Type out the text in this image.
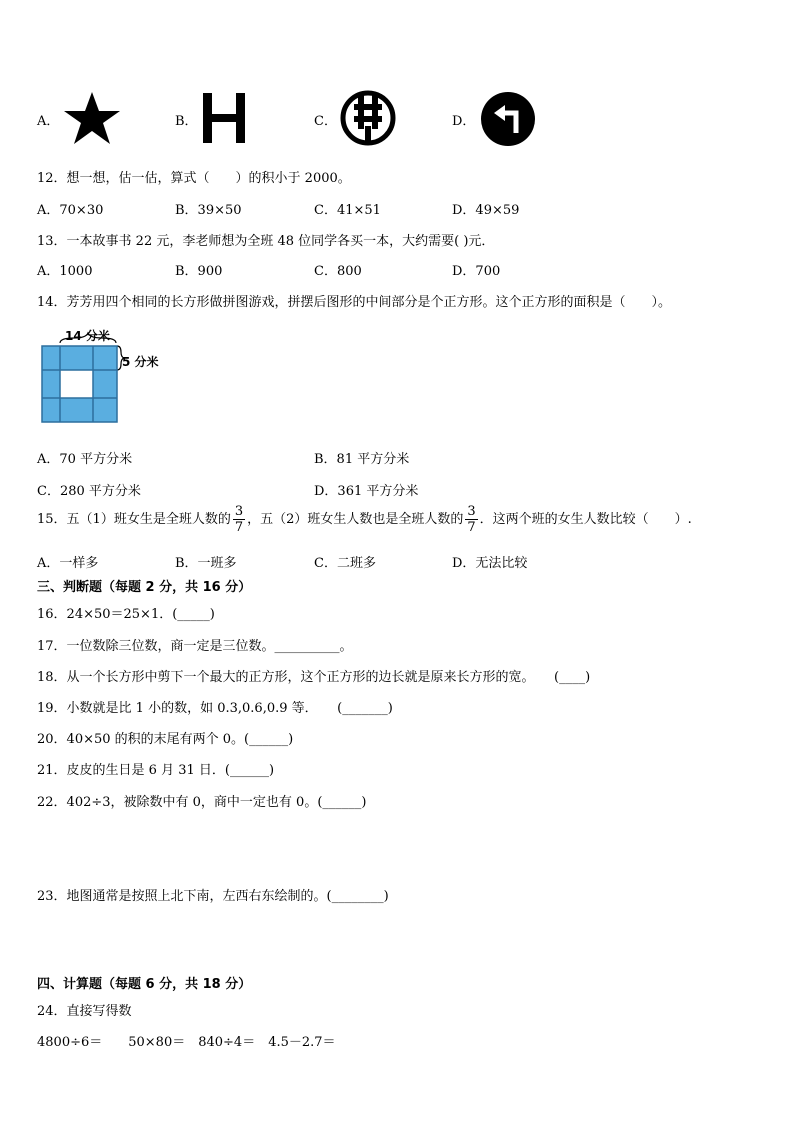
A．	B．	C．	D．
12．想一想，估一估，算式（　　）的积小于 2000。
A．70×30	B．39×50	C．41×51	D．49×59
13．一本故事书 22 元，李老师想为全班 48 位同学各买一本，大约需要( )元．
A．1000	B．900	C．800	D．700
14．芳芳用四个相同的长方形做拼图游戏，拼摆后图形的中间部分是个正方形。这个正方形的面积是（　　）。
14 分米
5 分米
A．70 平方分米	B．81 平方分米
C．280 平方分米	D．361 平方分米
15．五（1）班女生是全班人数的 $\frac{3}{7}$ ，五（2）班女生人数也是全班人数的 $\frac{3}{7}$ ．这两个班的女生人数比较（　　）.
A．一样多	B．一班多	C．二班多	D．无法比较
三、判断题（每题 2 分，共 16 分）
16．24×50＝25×1．(_____)
17．一位数除三位数，商一定是三位数。__________。
18．从一个长方形中剪下一个最大的正方形，这个正方形的边长就是原来长方形的宽。　　(____)
19．小数就是比 1 小的数，如 0.3,0.6,0.9 等．　　(_______)
20．40×50 的积的末尾有两个 0。(______)
21．皮皮的生日是 6 月 31 日．(______)
22．402÷3，被除数中有 0，商中一定也有 0。(______)
23．地图通常是按照上北下南，左西右东绘制的。(________)
四、计算题（每题 6 分，共 18 分）
24．直接写得数
4800÷6＝　　50×80＝　840÷4＝　4.5－2.7＝
